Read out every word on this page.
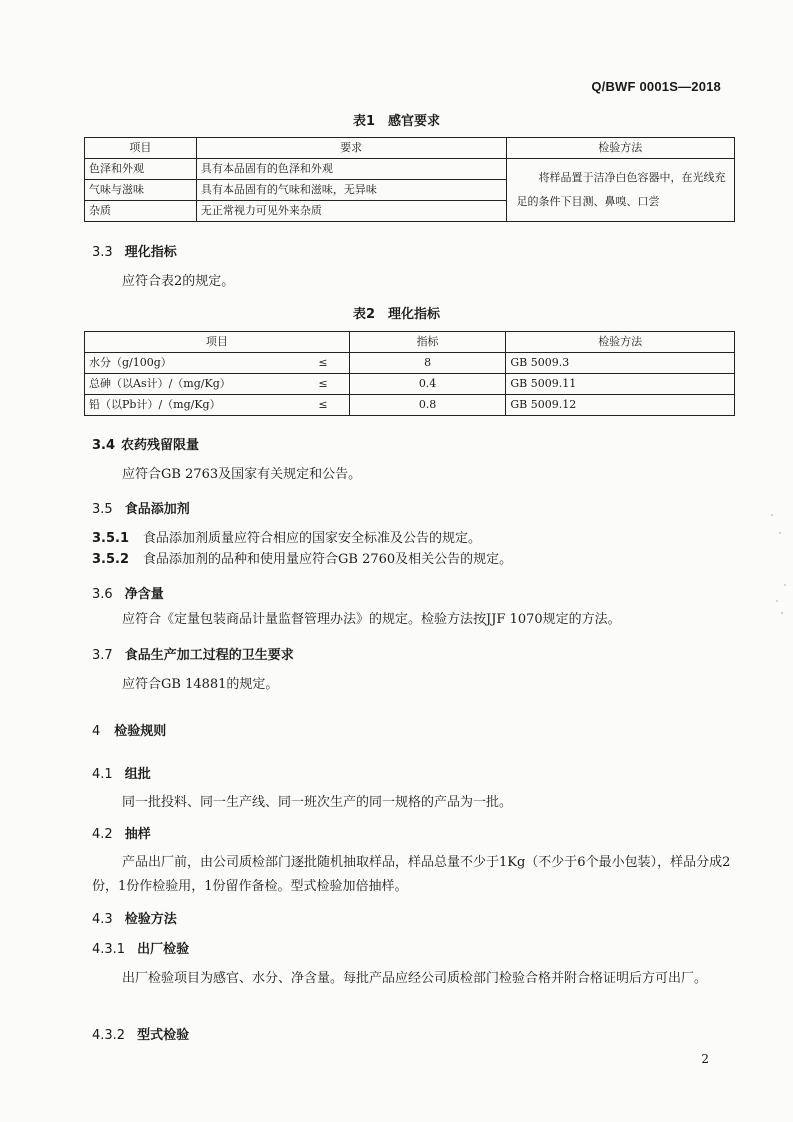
Q/BWF 0001S—2018
表1　感官要求
项目	要求	检验方法
色泽和外观	具有本品固有的色泽和外观	将样品置于洁净白色容器中，在光线充足的条件下目测、鼻嗅、口尝
气味与滋味	具有本品固有的气味和滋味，无异味	
杂质	无正常视力可见外来杂质	
3.3 理化指标
应符合表2的规定。
表2　理化指标
项目		指标	检验方法
水分（g/100g）	≤	8	GB 5009.3
总砷（以As计）/（mg/Kg）	≤	0.4	GB 5009.11
铅（以Pb计）/（mg/Kg）	≤	0.8	GB 5009.12
3.4 农药残留限量
应符合GB 2763及国家有关规定和公告。
3.5 食品添加剂
3.5.1 食品添加剂质量应符合相应的国家安全标准及公告的规定。
3.5.2 食品添加剂的品种和使用量应符合GB 2760及相关公告的规定。
3.6 净含量
应符合《定量包装商品计量监督管理办法》的规定。检验方法按JJF 1070规定的方法。
3.7 食品生产加工过程的卫生要求
应符合GB 14881的规定。
4 检验规则
4.1 组批
同一批投料、同一生产线、同一班次生产的同一规格的产品为一批。
4.2 抽样
产品出厂前，由公司质检部门逐批随机抽取样品，样品总量不少于1Kg（不少于6个最小包装），样品分成2份，1份作检验用，1份留作备检。型式检验加倍抽样。
4.3 检验方法
4.3.1 出厂检验
出厂检验项目为感官、水分、净含量。每批产品应经公司质检部门检验合格并附合格证明后方可出厂。
4.3.2 型式检验
2
